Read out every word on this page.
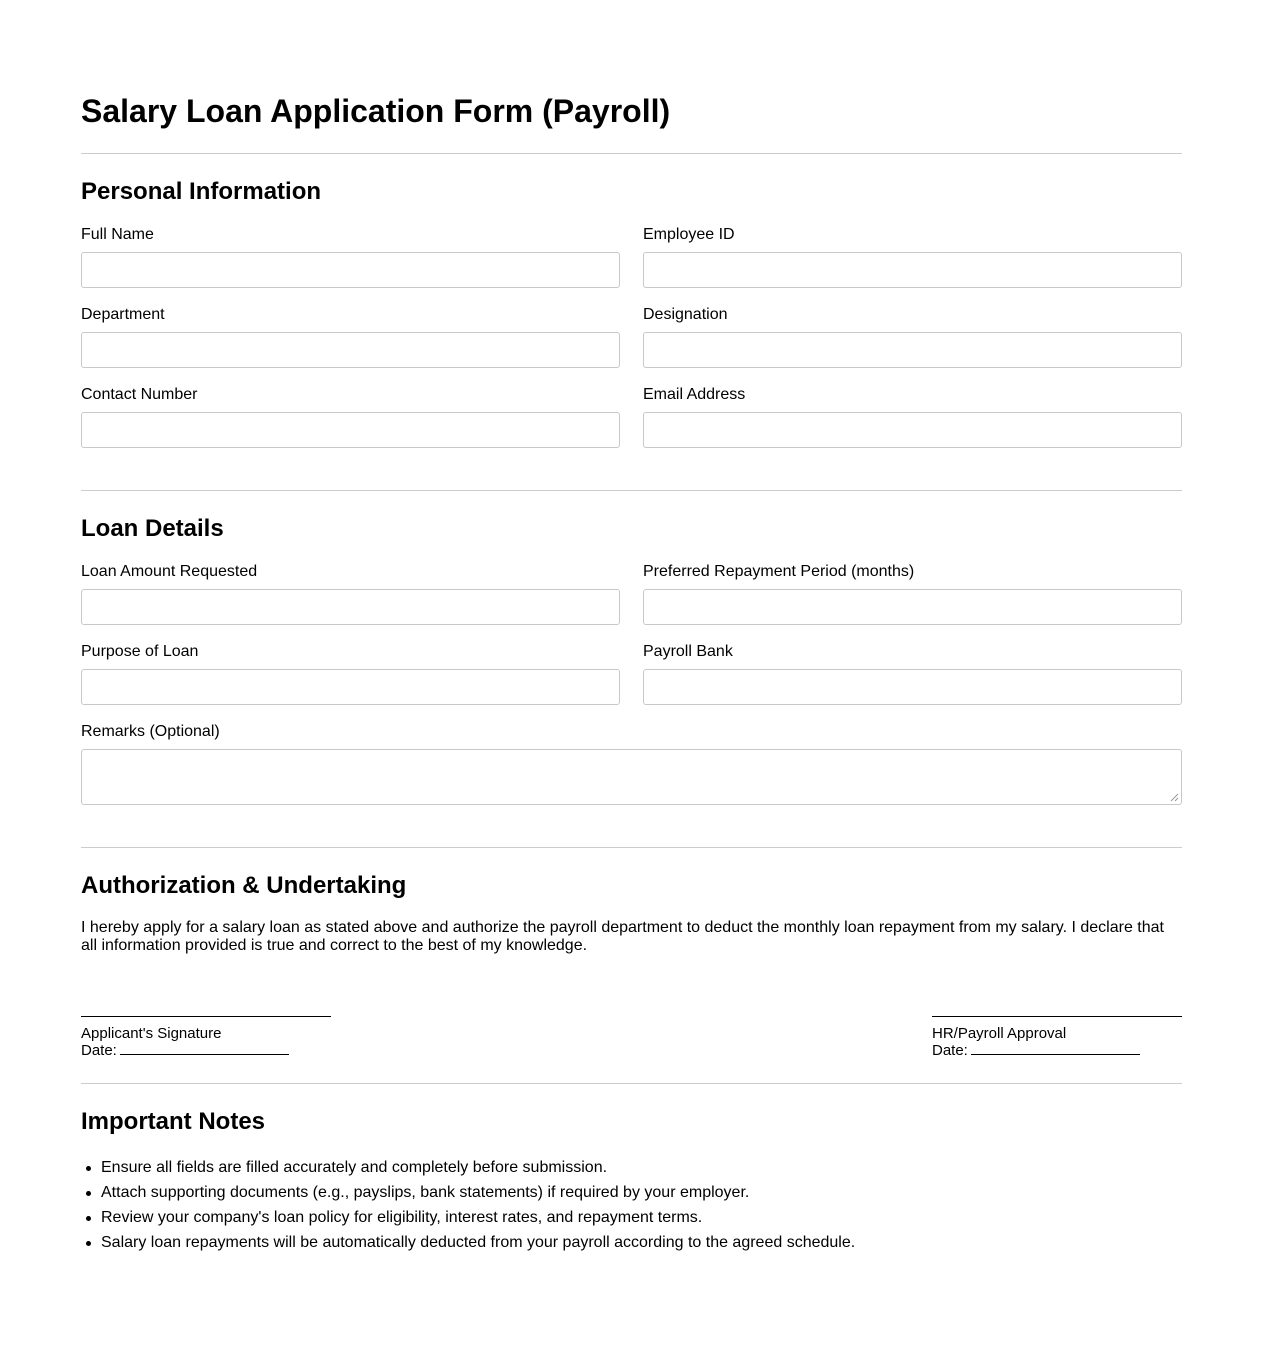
Salary Loan Application Form (Payroll)
Personal Information
Full Name	Employee ID
Department	Designation
Contact Number	Email Address
Loan Details
Loan Amount Requested	Preferred Repayment Period (months)
Purpose of Loan	Payroll Bank
Remarks (Optional)
Authorization & Undertaking

I hereby apply for a salary loan as stated above and authorize the payroll department to deduct the monthly loan repayment from my salary. I declare that all information provided is true and correct to the best of my knowledge.

Applicant's Signature
Date:
HR/Payroll Approval
Date:
Important Notes
Ensure all fields are filled accurately and completely before submission.
Attach supporting documents (e.g., payslips, bank statements) if required by your employer.
Review your company's loan policy for eligibility, interest rates, and repayment terms.
Salary loan repayments will be automatically deducted from your payroll according to the agreed schedule.
